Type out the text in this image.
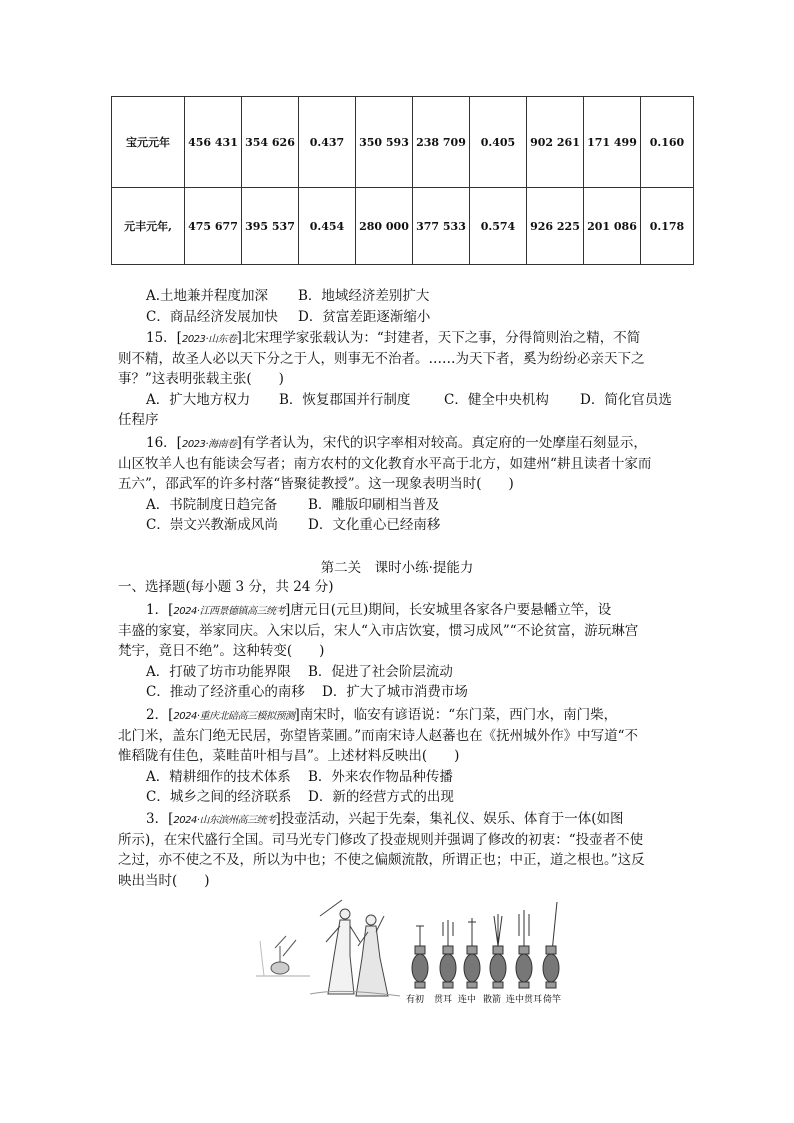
宝元元年	456 431	354 626	0.437	350 593	238 709	0.405	902 261	171 499	0.160
元丰元年,	475 677	395 537	0.454	280 000	377 533	0.574	926 225	201 086	0.178
A.土地兼并程度加深 B．地域经济差别扩大
C．商品经济发展加快 D．贫富差距逐渐缩小
15．[2023·山东卷]北宋理学家张载认为：“封建者，天下之事，分得简则治之精，不简
则不精，故圣人必以天下分之于人，则事无不治者。……为天下者，奚为纷纷必亲天下之
事？”这表明张载主张(　　)
A．扩大地方权力 B．恢复郡国并行制度 C．健全中央机构 D．简化官员选
任程序
16．[2023·海南卷]有学者认为，宋代的识字率相对较高。真定府的一处摩崖石刻显示，
山区牧羊人也有能读会写者；南方农村的文化教育水平高于北方，如建州“耕且读者十家而
五六”，邵武军的许多村落“皆聚徒教授”。这一现象表明当时(　　)
A．书院制度日趋完备 B．雕版印刷相当普及
C．崇文兴教渐成风尚 D．文化重心已经南移
第二关　课时小练·提能力
一、选择题(每小题 3 分，共 24 分)
1．[2024·江西景德镇高三统考]唐元日(元旦)期间，长安城里各家各户要悬幡立竿，设
丰盛的家宴，举家同庆。入宋以后，宋人“入市店饮宴，惯习成风”“不论贫富，游玩琳宫
梵宇，竟日不绝”。这种转变(　　)
A．打破了坊市功能界限 B．促进了社会阶层流动
C．推动了经济重心的南移 D．扩大了城市消费市场
2．[2024·重庆北碚高三模拟预测]南宋时，临安有谚语说：“东门菜，西门水，南门柴，
北门米，盖东门绝无民居，弥望皆菜圃。”而南宋诗人赵蕃也在《抚州城外作》中写道“不
惟稻陇有佳色，菜畦苗叶相与昌”。上述材料反映出(　　)
A．精耕细作的技术体系 B．外来农作物品种传播
C．城乡之间的经济联系 D．新的经营方式的出现
3．[2024·山东滨州高三统考]投壶活动，兴起于先秦，集礼仪、娱乐、体育于一体(如图
所示)，在宋代盛行全国。司马光专门修改了投壶规则并强调了修改的初衷：“投壶者不使
之过，亦不使之不及，所以为中也；不使之偏颇流散，所谓正也；中正，道之根也。”这反
映出当时(　　)
有初 贯耳 连中 散箭 连中贯耳 倚竿
